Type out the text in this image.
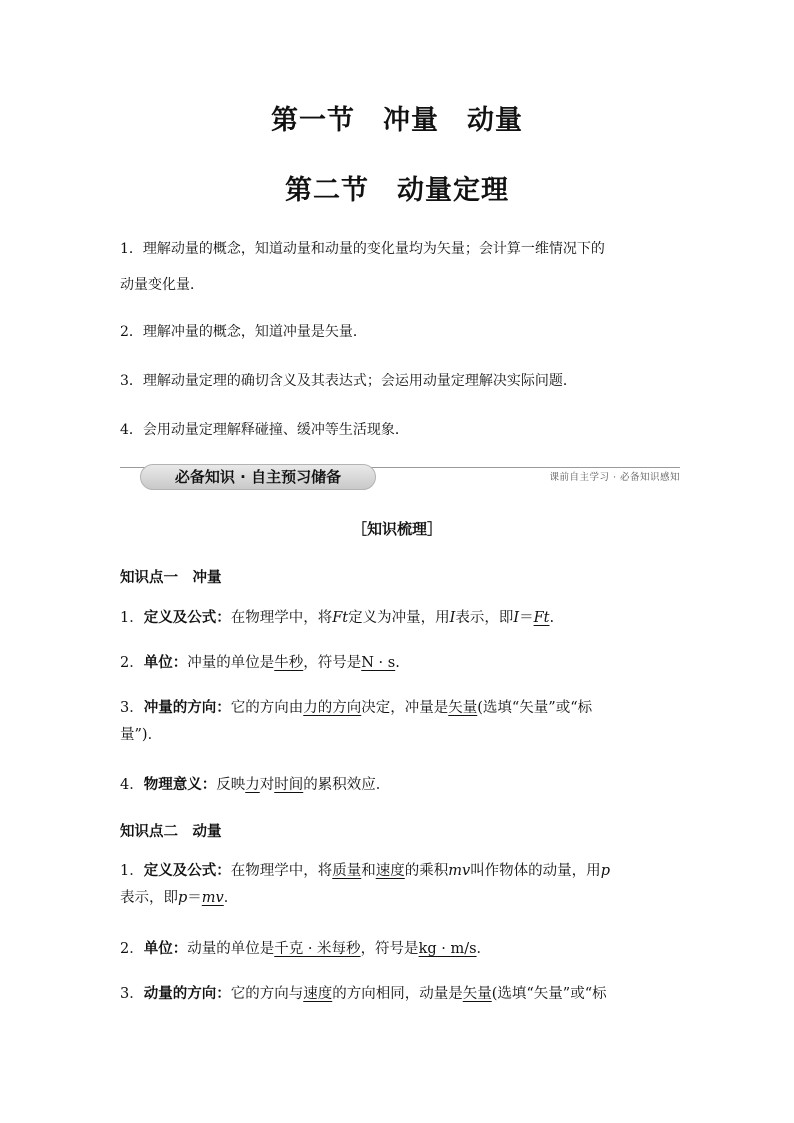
第一节　冲量　动量
第二节　动量定理
1．理解动量的概念，知道动量和动量的变化量均为矢量；会计算一维情况下的
动量变化量．
2．理解冲量的概念，知道冲量是矢量．
3．理解动量定理的确切含义及其表达式；会运用动量定理解决实际问题．
4．会用动量定理解释碰撞、缓冲等生活现象．
必备知识 · 自主预习储备	课前自主学习 · 必备知识感知
［知识梳理］
知识点一　冲量
1．定义及公式：在物理学中，将Ft定义为冲量，用I表示，即I＝Ft.
2．单位：冲量的单位是牛秒，符号是N · s.
3．冲量的方向：它的方向由力的方向决定，冲量是矢量(选填“矢量”或“标
量”)．
4．物理意义：反映力对时间的累积效应．
知识点二　动量
1．定义及公式：在物理学中，将质量和速度的乘积mv叫作物体的动量，用p
表示，即p＝mv．
2．单位：动量的单位是千克 · 米每秒，符号是kg · m/s．
3．动量的方向：它的方向与速度的方向相同，动量是矢量(选填“矢量”或“标
